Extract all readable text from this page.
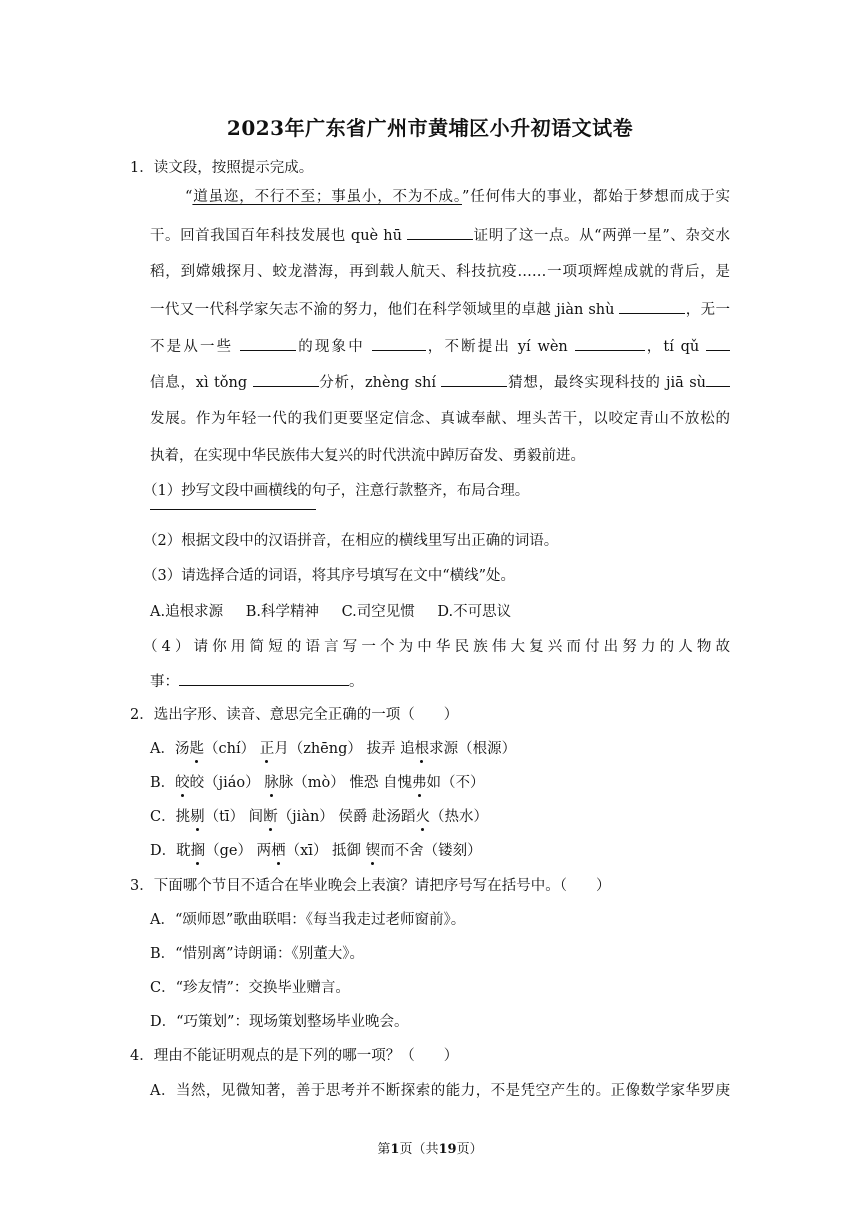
2023年广东省广州市黄埔区小升初语文试卷
1．读文段，按照提示完成。
“道虽迩，不行不至；事虽小，不为不成。”任何伟大的事业，都始于梦想而成于实
干。回首我国百年科技发展也 què hū	证明了这一点。从“两弹一星”、杂交水
稻，到嫦娥探月、蛟龙潜海，再到载人航天、科技抗疫……一项项辉煌成就的背后，是
一代又一代科学家矢志不渝的努力，他们在科学领域里的卓越 jiàn shù	，无一
不是从一些	的现象中	，不断提出 yí wèn	，tí qǔ
信息，xì tǒng	分析，zhèng shí	猜想，最终实现科技的 jiā sù
发展。作为年轻一代的我们更要坚定信念、真诚奉献、埋头苦干，以咬定青山不放松的
执着，在实现中华民族伟大复兴的时代洪流中踔厉奋发、勇毅前进。
（1）抄写文段中画横线的句子，注意行款整齐，布局合理。
（2）根据文段中的汉语拼音，在相应的横线里写出正确的词语。
（3）请选择合适的词语，将其序号填写在文中“横线”处。
A.追根求源 B.科学精神 C.司空见惯 D.不可思议
（4）请你用简短的语言写一个为中华民族伟大复兴而付出努力的人物故
事：	。
2．选出字形、读音、意思完全正确的一项（　　）
A．汤匙（chí） 正月（zhēng） 拔弄 追根求源（根源）
B．皎皎（jiáo） 脉脉（mò） 惟恐 自愧弗如（不）
C．挑剔（tī） 间断（jiàn） 侯爵 赴汤蹈火（热水）
D．耽搁（ge） 两栖（xī） 抵御 锲而不舍（镂刻）
3．下面哪个节目不适合在毕业晚会上表演？请把序号写在括号中。（　　）
A．“颂师恩”歌曲联唱：《每当我走过老师窗前》。
B．“惜别离”诗朗诵：《别董大》。
C．“珍友情”：交换毕业赠言。
D．“巧策划”：现场策划整场毕业晚会。
4．理由不能证明观点的是下列的哪一项？（　　）
A．当然，见微知著，善于思考并不断探索的能力，不是凭空产生的。正像数学家华罗庚
第1页（共19页）
